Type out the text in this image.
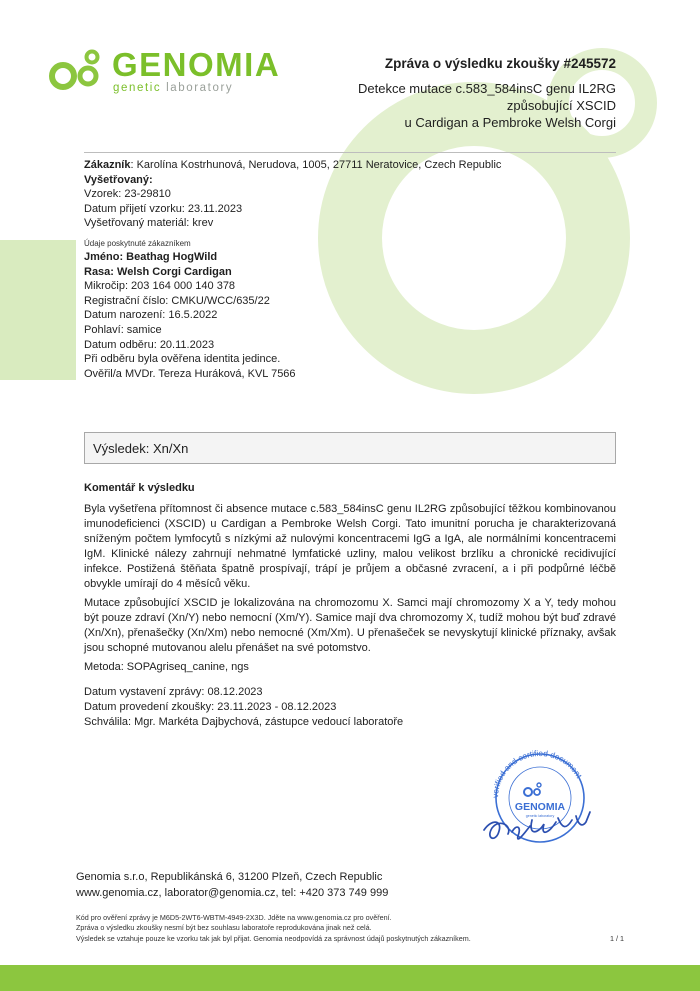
GENOMIA
genetic laboratory
Zpráva o výsledku zkoušky #245572
Detekce mutace c.583_584insC genu IL2RG
způsobující XSCID
u Cardigan a Pembroke Welsh Corgi
Zákazník: Karolína Kostrhunová, Nerudova, 1005, 27711 Neratovice, Czech Republic
Vyšetřovaný:
Vzorek: 23-29810
Datum přijetí vzorku: 23.11.2023
Vyšetřovaný materiál: krev
Údaje poskytnuté zákazníkem
Jméno: Beathag HogWild
Rasa: Welsh Corgi Cardigan
Mikročip: 203 164 000 140 378
Registrační číslo: CMKU/WCC/635/22
Datum narození: 16.5.2022
Pohlaví: samice
Datum odběru: 20.11.2023
Při odběru byla ověřena identita jedince.
Ověřil/a MVDr. Tereza Huráková, KVL 7566
Výsledek: Xn/Xn
Komentář k výsledku
Byla vyšetřena přítomnost či absence mutace c.583_584insC genu IL2RG způsobující těžkou kombinovanou imunodeficienci (XSCID) u Cardigan a Pembroke Welsh Corgi. Tato imunitní porucha je charakterizovaná sníženým počtem lymfocytů s nízkými až nulovými koncentracemi IgG a IgA, ale normálními koncentracemi IgM. Klinické nálezy zahrnují nehmatné lymfatické uzliny, malou velikost brzlíku a chronické recidivující infekce. Postižená štěňata špatně prospívají, trápí je průjem a občasné zvracení, a i při podpůrné léčbě obvykle umírají do 4 měsíců věku.
Mutace způsobující XSCID je lokalizována na chromozomu X. Samci mají chromozomy X a Y, tedy mohou být pouze zdraví (Xn/Y) nebo nemocní (Xm/Y). Samice mají dva chromozomy X, tudíž mohou být buď zdravé (Xn/Xn), přenašečky (Xn/Xm) nebo nemocné (Xm/Xm). U přenašeček se nevyskytují klinické příznaky, avšak jsou schopné mutovanou alelu přenášet na své potomstvo.
Metoda: SOPAgriseq_canine, ngs
Datum vystavení zprávy: 08.12.2023
Datum provedení zkoušky: 23.11.2023 - 08.12.2023
Schválila: Mgr. Markéta Dajbychová, zástupce vedoucí laboratoře
verified and certified document
GENOMIA
genetic laboratory
Genomia s.r.o, Republikánská 6, 31200 Plzeň, Czech Republic
www.genomia.cz, laborator@genomia.cz, tel: +420 373 749 999
Kód pro ověření zprávy je M6D5-2WT6-WBTM-4949-2X3D. Jděte na www.genomia.cz pro ověření.
Zpráva o výsledku zkoušky nesmí být bez souhlasu laboratoře reprodukována jinak než celá.
Výsledek se vztahuje pouze ke vzorku tak jak byl přijat. Genomia neodpovídá za správnost údajů poskytnutých zákazníkem.	1 / 1
